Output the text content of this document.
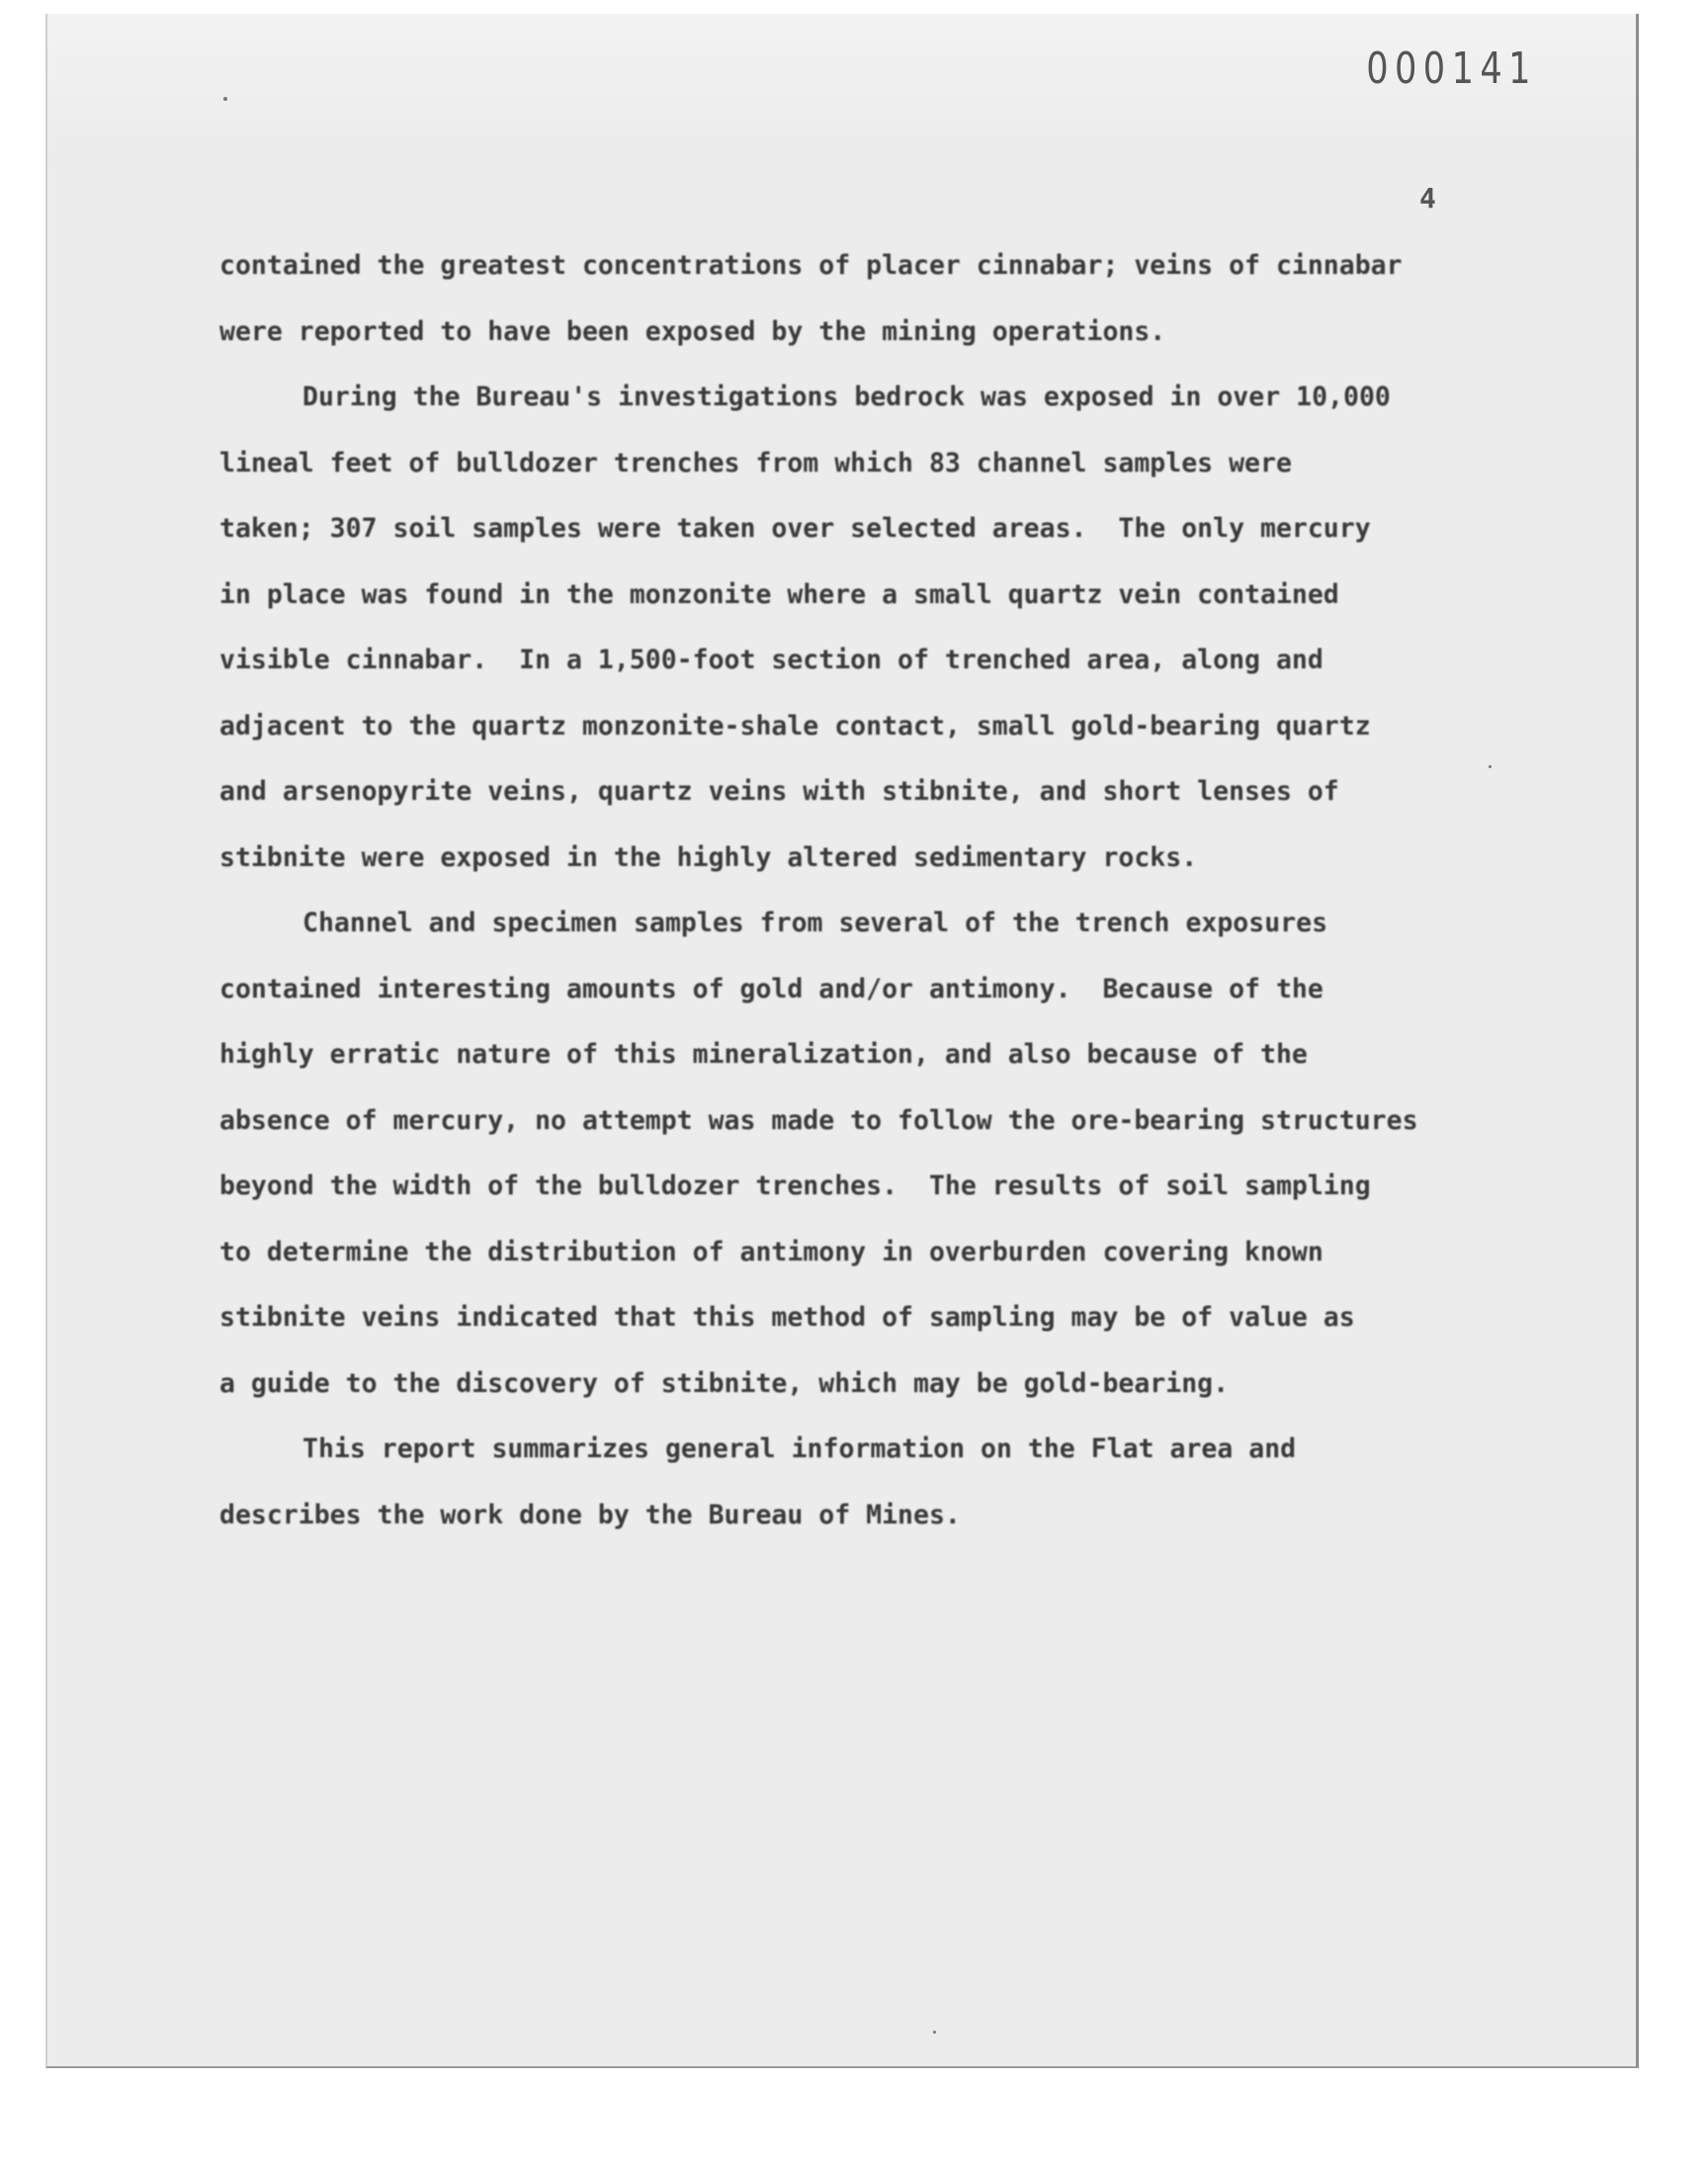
000141
4
contained the greatest concentrations of placer cinnabar; veins of cinnabar
were reported to have been exposed by the mining operations.
During the Bureau's investigations bedrock was exposed in over 10,000
lineal feet of bulldozer trenches from which 83 channel samples were
taken; 307 soil samples were taken over selected areas.  The only mercury
in place was found in the monzonite where a small quartz vein contained
visible cinnabar.  In a 1,500-foot section of trenched area, along and
adjacent to the quartz monzonite-shale contact, small gold-bearing quartz
and arsenopyrite veins, quartz veins with stibnite, and short lenses of
stibnite were exposed in the highly altered sedimentary rocks.
Channel and specimen samples from several of the trench exposures
contained interesting amounts of gold and/or antimony.  Because of the
highly erratic nature of this mineralization, and also because of the
absence of mercury, no attempt was made to follow the ore-bearing structures
beyond the width of the bulldozer trenches.  The results of soil sampling
to determine the distribution of antimony in overburden covering known
stibnite veins indicated that this method of sampling may be of value as
a guide to the discovery of stibnite, which may be gold-bearing.
This report summarizes general information on the Flat area and
describes the work done by the Bureau of Mines.
